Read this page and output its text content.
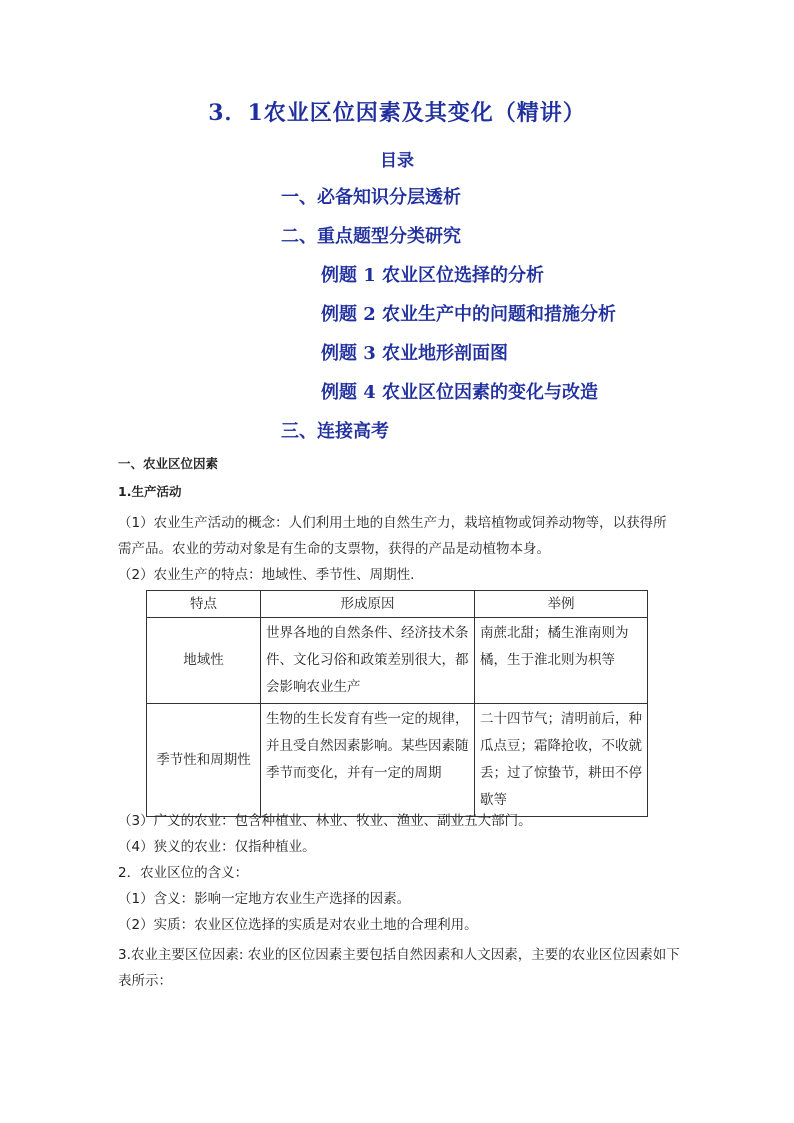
3．1农业区位因素及其变化（精讲）
目录
一、必备知识分层透析
二、重点题型分类研究
例题 1 农业区位选择的分析
例题 2 农业生产中的问题和措施分析
例题 3 农业地形剖面图
例题 4 农业区位因素的变化与改造
三、连接高考
一、农业区位因素
1.生产活动
（1）农业生产活动的概念：人们利用土地的自然生产力，栽培植物或饲养动物等，以获得所需产品。农业的劳动对象是有生命的支票物，获得的产品是动植物本身。
（2）农业生产的特点：地域性、季节性、周期性.
特点	形成原因	举例
地域性	世界各地的自然条件、经济技术条件、文化习俗和政策差别很大，都会影响农业生产	南蔗北甜；橘生淮南则为橘，生于淮北则为枳等
季节性和周期性	生物的生长发育有些一定的规律，并且受自然因素影响。某些因素随季节而变化，并有一定的周期	二十四节气；清明前后，种瓜点豆；霜降抢收，不收就丢；过了惊蛰节，耕田不停歇等
（3）广义的农业：包含种植业、林业、牧业、渔业、副业五大部门。
（4）狭义的农业：仅指种植业。
2．农业区位的含义：
（1）含义：影响一定地方农业生产选择的因素。
（2）实质：农业区位选择的实质是对农业土地的合理利用。
3.农业主要区位因素: 农业的区位因素主要包括自然因素和人文因素，主要的农业区位因素如下表所示：
